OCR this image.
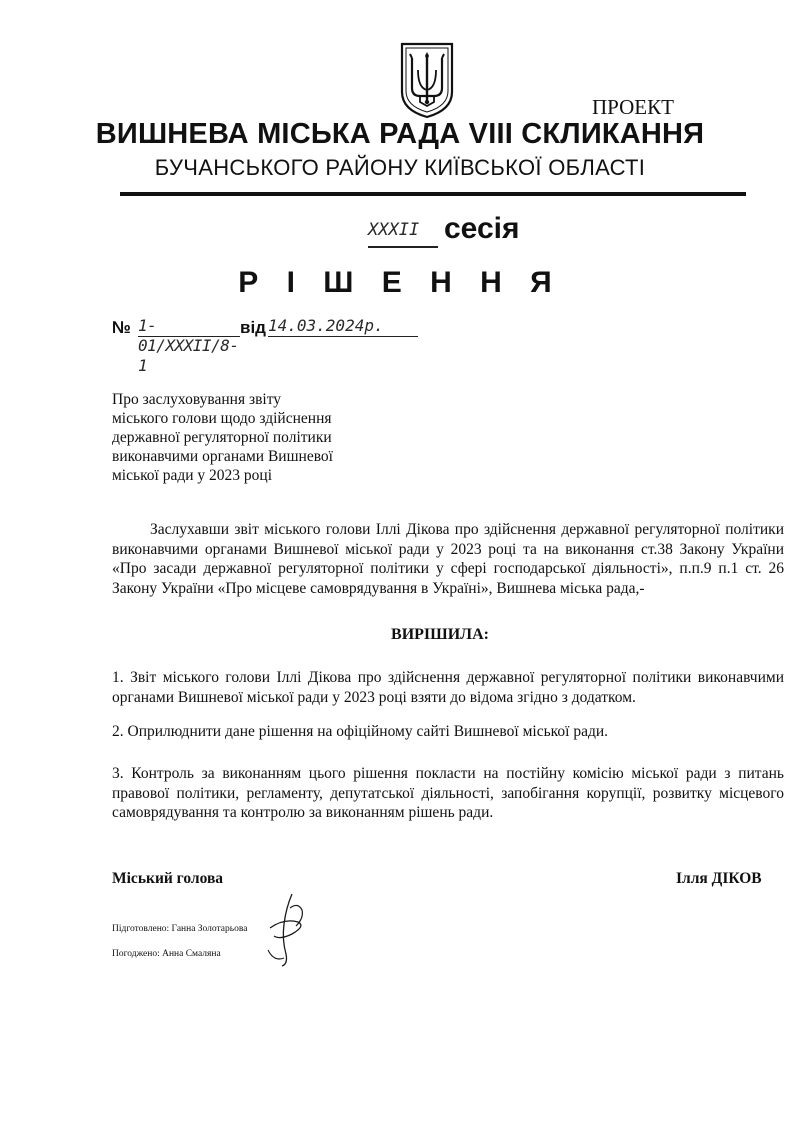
ПРОЕКТ
ВИШНЕВА МІСЬКА РАДА VIII СКЛИКАННЯ
БУЧАНСЬКОГО РАЙОНУ КИЇВСЬКОЇ ОБЛАСТІ
XXXII сесія
Р І Ш Е Н Н Я
№ 1-01/XXXII/8-1
від 14.03.2024р.
Про заслуховування звіту
міського голови щодо здійснення
державної регуляторної політики
виконавчими органами Вишневої
міської ради у 2023 році

Заслухавши звіт міського голови Іллі Дікова про здійснення державної регуляторної політики виконавчими органами Вишневої міської ради у 2023 році та на виконання ст.38 Закону України «Про засади державної регуляторної політики у сфері господарської діяльності», п.п.9 п.1 ст. 26 Закону України «Про місцеве самоврядування в Україні», Вишнева міська рада,-

ВИРІШИЛА:
1. Звіт міського голови Іллі Дікова про здійснення державної регуляторної політики виконавчими органами Вишневої міської ради у 2023 році взяти до відома згідно з додатком.
2. Оприлюднити дане рішення на офіційному сайті Вишневої міської ради.
3. Контроль за виконанням цього рішення покласти на постійну комісію міської ради з питань правової політики, регламенту, депутатської діяльності, запобігання корупції, розвитку місцевого самоврядування та контролю за виконанням рішень ради.
Міський голова	Ілля ДІКОВ
Підготовлено: Ганна Золотарьова
Погоджено: Анна Смаляна
